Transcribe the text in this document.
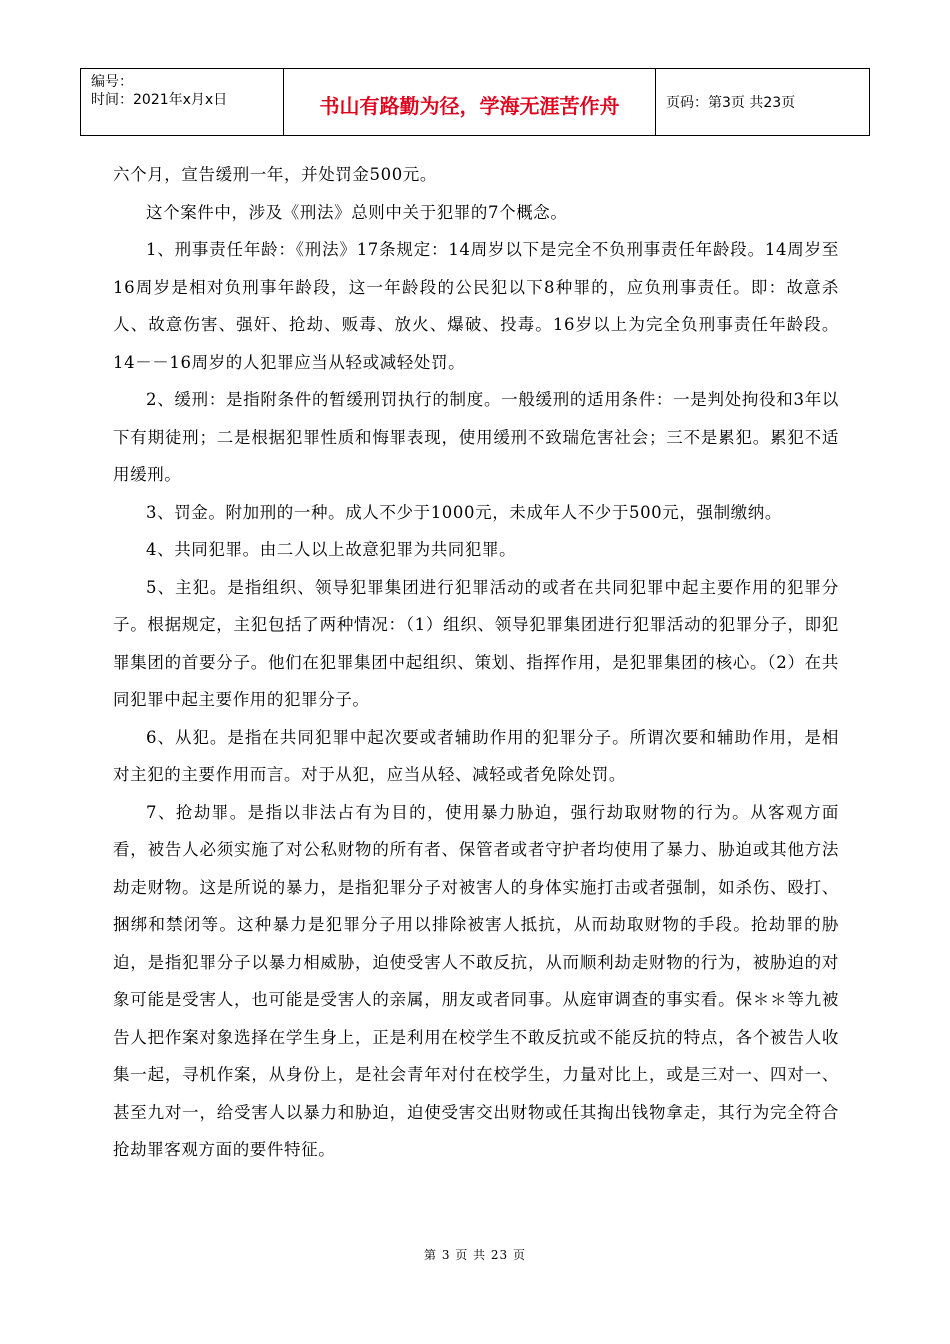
编号：
时间：2021年x月x日	书山有路勤为径，学海无涯苦作舟	页码：第3页 共23页

六个月，宣告缓刑一年，并处罚金500元。

这个案件中，涉及《刑法》总则中关于犯罪的7个概念。

1、刑事责任年龄：《刑法》17条规定：14周岁以下是完全不负刑事责任年龄段。14周岁至16周岁是相对负刑事年龄段，这一年龄段的公民犯以下8种罪的，应负刑事责任。即：故意杀人、故意伤害、强奸、抢劫、贩毒、放火、爆破、投毒。16岁以上为完全负刑事责任年龄段。14－－16周岁的人犯罪应当从轻或减轻处罚。

2、缓刑：是指附条件的暂缓刑罚执行的制度。一般缓刑的适用条件：一是判处拘役和3年以下有期徒刑；二是根据犯罪性质和悔罪表现，使用缓刑不致瑞危害社会；三不是累犯。累犯不适用缓刑。

3、罚金。附加刑的一种。成人不少于1000元，未成年人不少于500元，强制缴纳。

4、共同犯罪。由二人以上故意犯罪为共同犯罪。

5、主犯。是指组织、领导犯罪集团进行犯罪活动的或者在共同犯罪中起主要作用的犯罪分子。根据规定，主犯包括了两种情况：（1）组织、领导犯罪集团进行犯罪活动的犯罪分子，即犯罪集团的首要分子。他们在犯罪集团中起组织、策划、指挥作用，是犯罪集团的核心。（2）在共同犯罪中起主要作用的犯罪分子。

6、从犯。是指在共同犯罪中起次要或者辅助作用的犯罪分子。所谓次要和辅助作用，是相对主犯的主要作用而言。对于从犯，应当从轻、减轻或者免除处罚。

7、抢劫罪。是指以非法占有为目的，使用暴力胁迫，强行劫取财物的行为。从客观方面看，被告人必须实施了对公私财物的所有者、保管者或者守护者均使用了暴力、胁迫或其他方法劫走财物。这是所说的暴力，是指犯罪分子对被害人的身体实施打击或者强制，如杀伤、殴打、捆绑和禁闭等。这种暴力是犯罪分子用以排除被害人抵抗，从而劫取财物的手段。抢劫罪的胁迫，是指犯罪分子以暴力相威胁，迫使受害人不敢反抗，从而顺利劫走财物的行为，被胁迫的对象可能是受害人，也可能是受害人的亲属，朋友或者同事。从庭审调查的事实看。保＊＊等九被告人把作案对象选择在学生身上，正是利用在校学生不敢反抗或不能反抗的特点，各个被告人收集一起，寻机作案，从身份上，是社会青年对付在校学生，力量对比上，或是三对一、四对一、甚至九对一，给受害人以暴力和胁迫，迫使受害交出财物或任其掏出钱物拿走，其行为完全符合抢劫罪客观方面的要件特征。

第 3 页 共 23 页
